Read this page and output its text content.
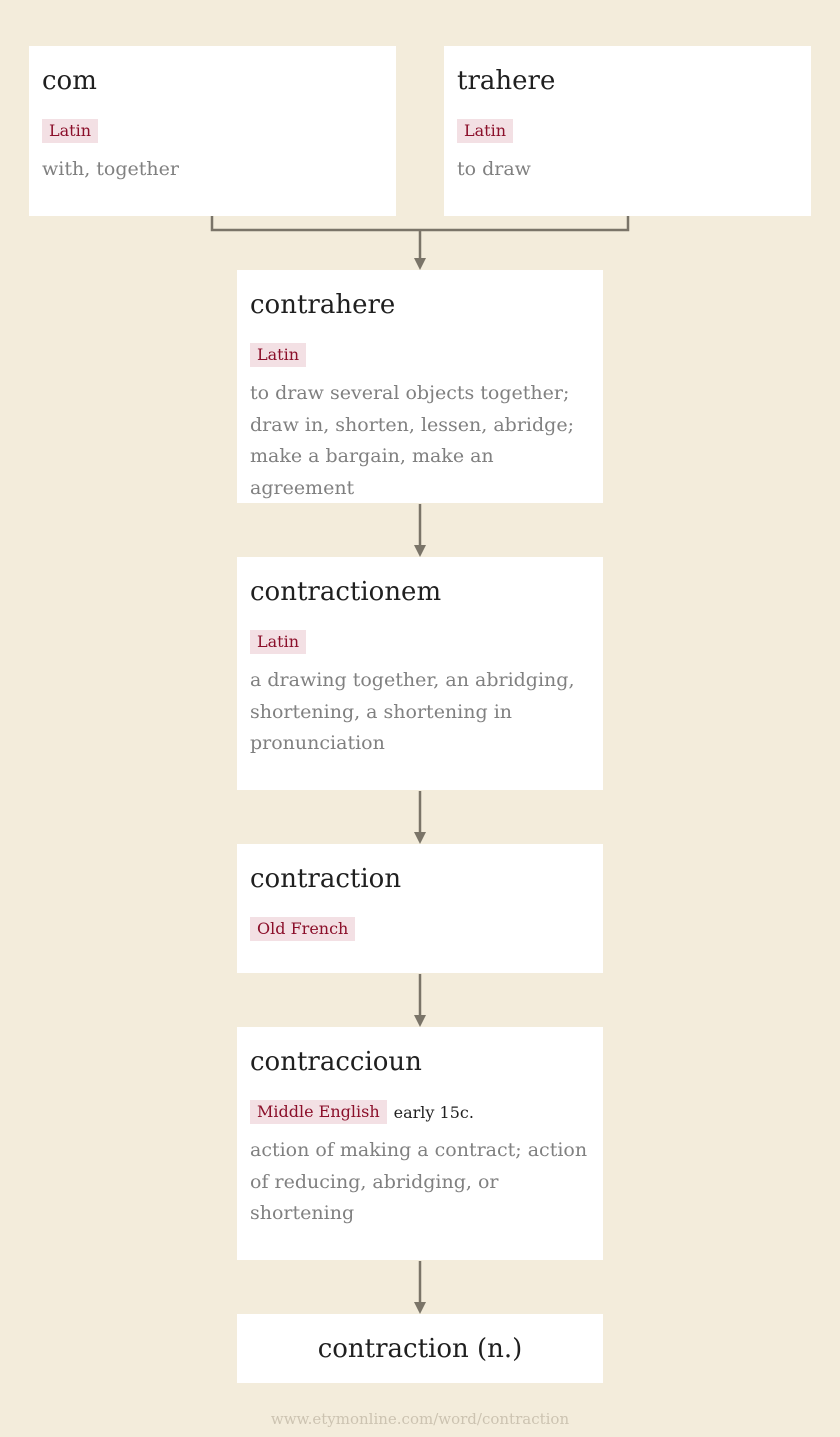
com
Latin
with, together
trahere
Latin
to draw
contrahere
Latin
to draw several objects together; draw in, shorten, lessen, abridge; make a bargain, make an agreement
contractionem
Latin
a drawing together, an abridging, shortening, a shortening in pronunciation
contraction
Old French
contraccioun
Middle English early 15c.
action of making a contract; action of reducing, abridging, or shortening
contraction (n.)
www.etymonline.com/word/contraction
